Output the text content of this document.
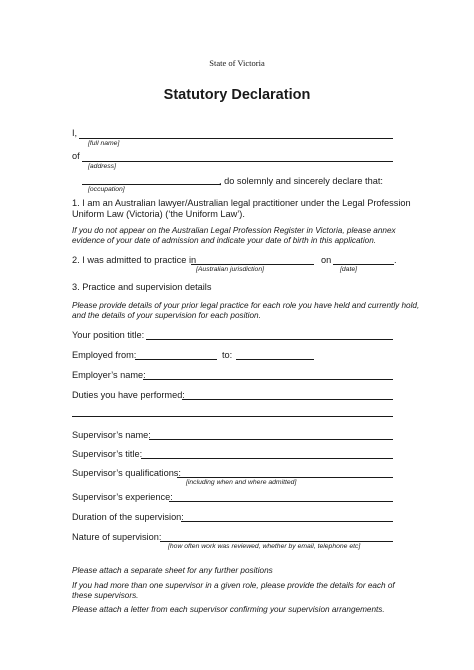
State of Victoria
Statutory Declaration
I,
[full name]
of
[address]
, do solemnly and sincerely declare that:
[occupation]
1. I am an Australian lawyer/Australian legal practitioner under the Legal Profession
Uniform Law (Victoria) (‘the Uniform Law’).
If you do not appear on the Australian Legal Profession Register in Victoria, please annex
evidence of your date of admission and indicate your date of birth in this application.
2. I was admitted to practice in	on	.
[Australian jurisdiction]	[date]
3. Practice and supervision details
Please provide details of your prior legal practice for each role you have held and currently hold,
and the details of your supervision for each position.
Your position title:
Employed from:	to:
Employer’s name:
Duties you have performed:
Supervisor’s name:
Supervisor’s title:
Supervisor’s qualifications:
[including when and where admitted]
Supervisor’s experience:
Duration of the supervision:
Nature of supervision:
[how often work was reviewed, whether by email, telephone etc]
Please attach a separate sheet for any further positions
If you had more than one supervisor in a given role, please provide the details for each of
these supervisors.
Please attach a letter from each supervisor confirming your supervision arrangements.
